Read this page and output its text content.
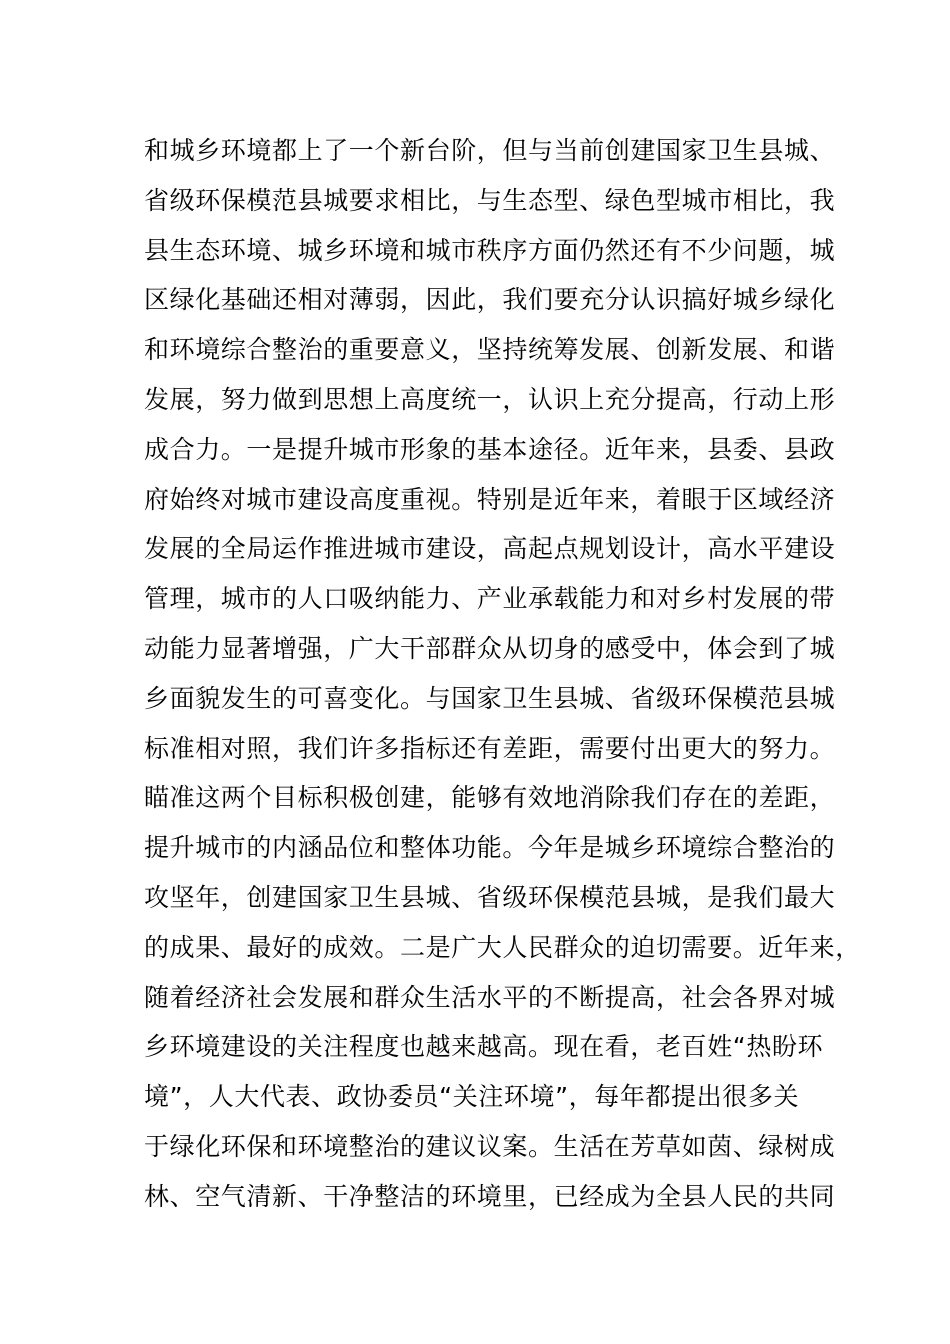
和城乡环境都上了一个新台阶，但与当前创建国家卫生县城、
省级环保模范县城要求相比，与生态型、绿色型城市相比，我
县生态环境、城乡环境和城市秩序方面仍然还有不少问题，城
区绿化基础还相对薄弱，因此，我们要充分认识搞好城乡绿化
和环境综合整治的重要意义，坚持统筹发展、创新发展、和谐
发展，努力做到思想上高度统一，认识上充分提高，行动上形
成合力。一是提升城市形象的基本途径。近年来，县委、县政
府始终对城市建设高度重视。特别是近年来，着眼于区域经济
发展的全局运作推进城市建设，高起点规划设计，高水平建设
管理，城市的人口吸纳能力、产业承载能力和对乡村发展的带
动能力显著增强，广大干部群众从切身的感受中，体会到了城
乡面貌发生的可喜变化。与国家卫生县城、省级环保模范县城
标准相对照，我们许多指标还有差距，需要付出更大的努力。
瞄准这两个目标积极创建，能够有效地消除我们存在的差距，
提升城市的内涵品位和整体功能。今年是城乡环境综合整治的
攻坚年，创建国家卫生县城、省级环保模范县城，是我们最大
的成果、最好的成效。二是广大人民群众的迫切需要。近年来，
随着经济社会发展和群众生活水平的不断提高，社会各界对城
乡环境建设的关注程度也越来越高。现在看，老百姓“热盼环
境”，人大代表、政协委员“关注环境”，每年都提出很多关
于绿化环保和环境整治的建议议案。生活在芳草如茵、绿树成
林、空气清新、干净整洁的环境里，已经成为全县人民的共同
